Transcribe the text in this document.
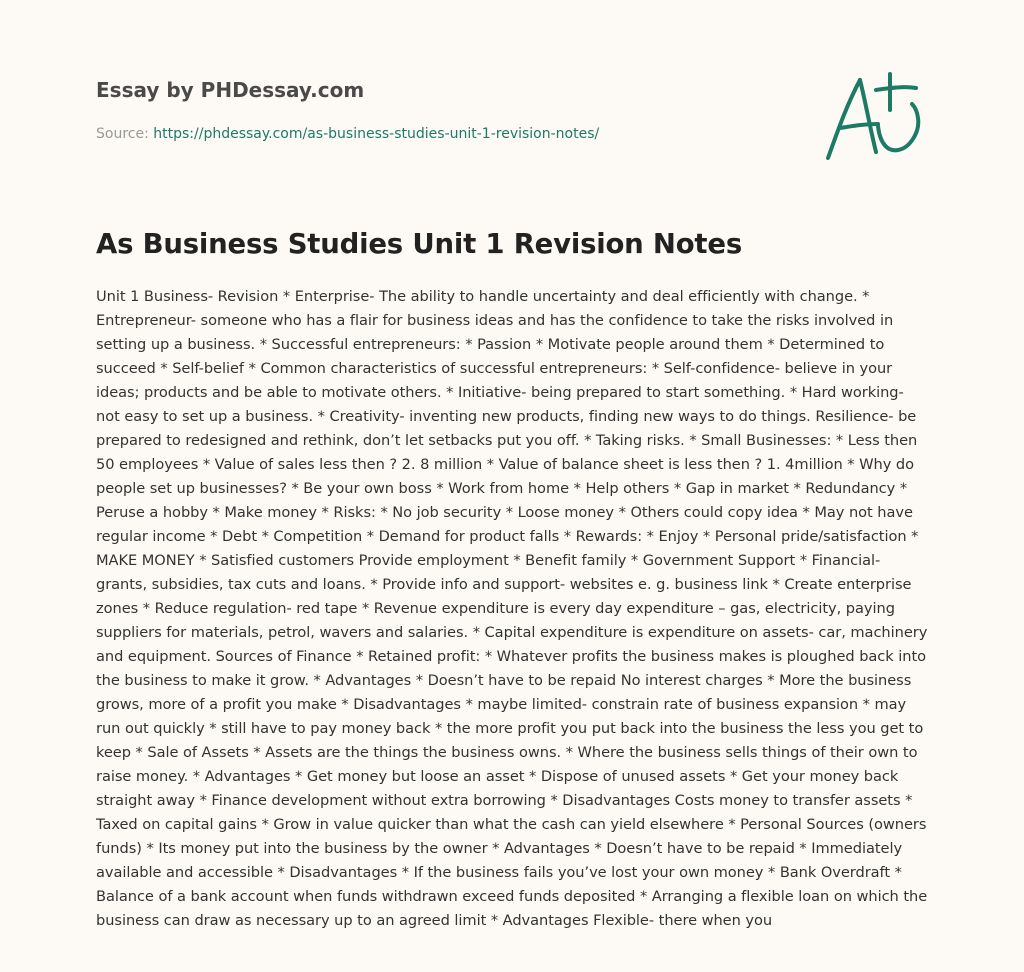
Essay by PHDessay.com
Source: https://phdessay.com/as-business-studies-unit-1-revision-notes/
As Business Studies Unit 1 Revision Notes

Unit 1 Business- Revision * Enterprise- The ability to handle uncertainty and deal efficiently with change. * Entrepreneur- someone who has a flair for business ideas and has the confidence to take the risks involved in setting up a business. * Successful entrepreneurs: * Passion * Motivate people around them * Determined to succeed * Self-belief * Common characteristics of successful entrepreneurs: * Self-confidence- believe in your ideas; products and be able to motivate others. * Initiative- being prepared to start something. * Hard working- not easy to set up a business. * Creativity- inventing new products, finding new ways to do things. Resilience- be prepared to redesigned and rethink, don’t let setbacks put you off. * Taking risks. * Small Businesses: * Less then 50 employees * Value of sales less then ? 2. 8 million * Value of balance sheet is less then ? 1. 4million * Why do people set up businesses? * Be your own boss * Work from home * Help others * Gap in market * Redundancy * Peruse a hobby * Make money * Risks: * No job security * Loose money * Others could copy idea * May not have regular income * Debt * Competition * Demand for product falls * Rewards: * Enjoy * Personal pride/satisfaction * MAKE MONEY * Satisfied customers Provide employment * Benefit family * Government Support * Financial- grants, subsidies, tax cuts and loans. * Provide info and support- websites e. g. business link * Create enterprise zones * Reduce regulation- red tape * Revenue expenditure is every day expenditure – gas, electricity, paying suppliers for materials, petrol, wavers and salaries. * Capital expenditure is expenditure on assets- car, machinery and equipment. Sources of Finance * Retained profit: * Whatever profits the business makes is ploughed back into the business to make it grow. * Advantages * Doesn’t have to be repaid No interest charges * More the business grows, more of a profit you make * Disadvantages * maybe limited- constrain rate of business expansion * may run out quickly * still have to pay money back * the more profit you put back into the business the less you get to keep * Sale of Assets * Assets are the things the business owns. * Where the business sells things of their own to raise money. * Advantages * Get money but loose an asset * Dispose of unused assets * Get your money back straight away * Finance development without extra borrowing * Disadvantages Costs money to transfer assets * Taxed on capital gains * Grow in value quicker than what the cash can yield elsewhere * Personal Sources (owners funds) * Its money put into the business by the owner * Advantages * Doesn’t have to be repaid * Immediately available and accessible * Disadvantages * If the business fails you’ve lost your own money * Bank Overdraft * Balance of a bank account when funds withdrawn exceed funds deposited * Arranging a flexible loan on which the business can draw as necessary up to an agreed limit * Advantages Flexible- there when you
